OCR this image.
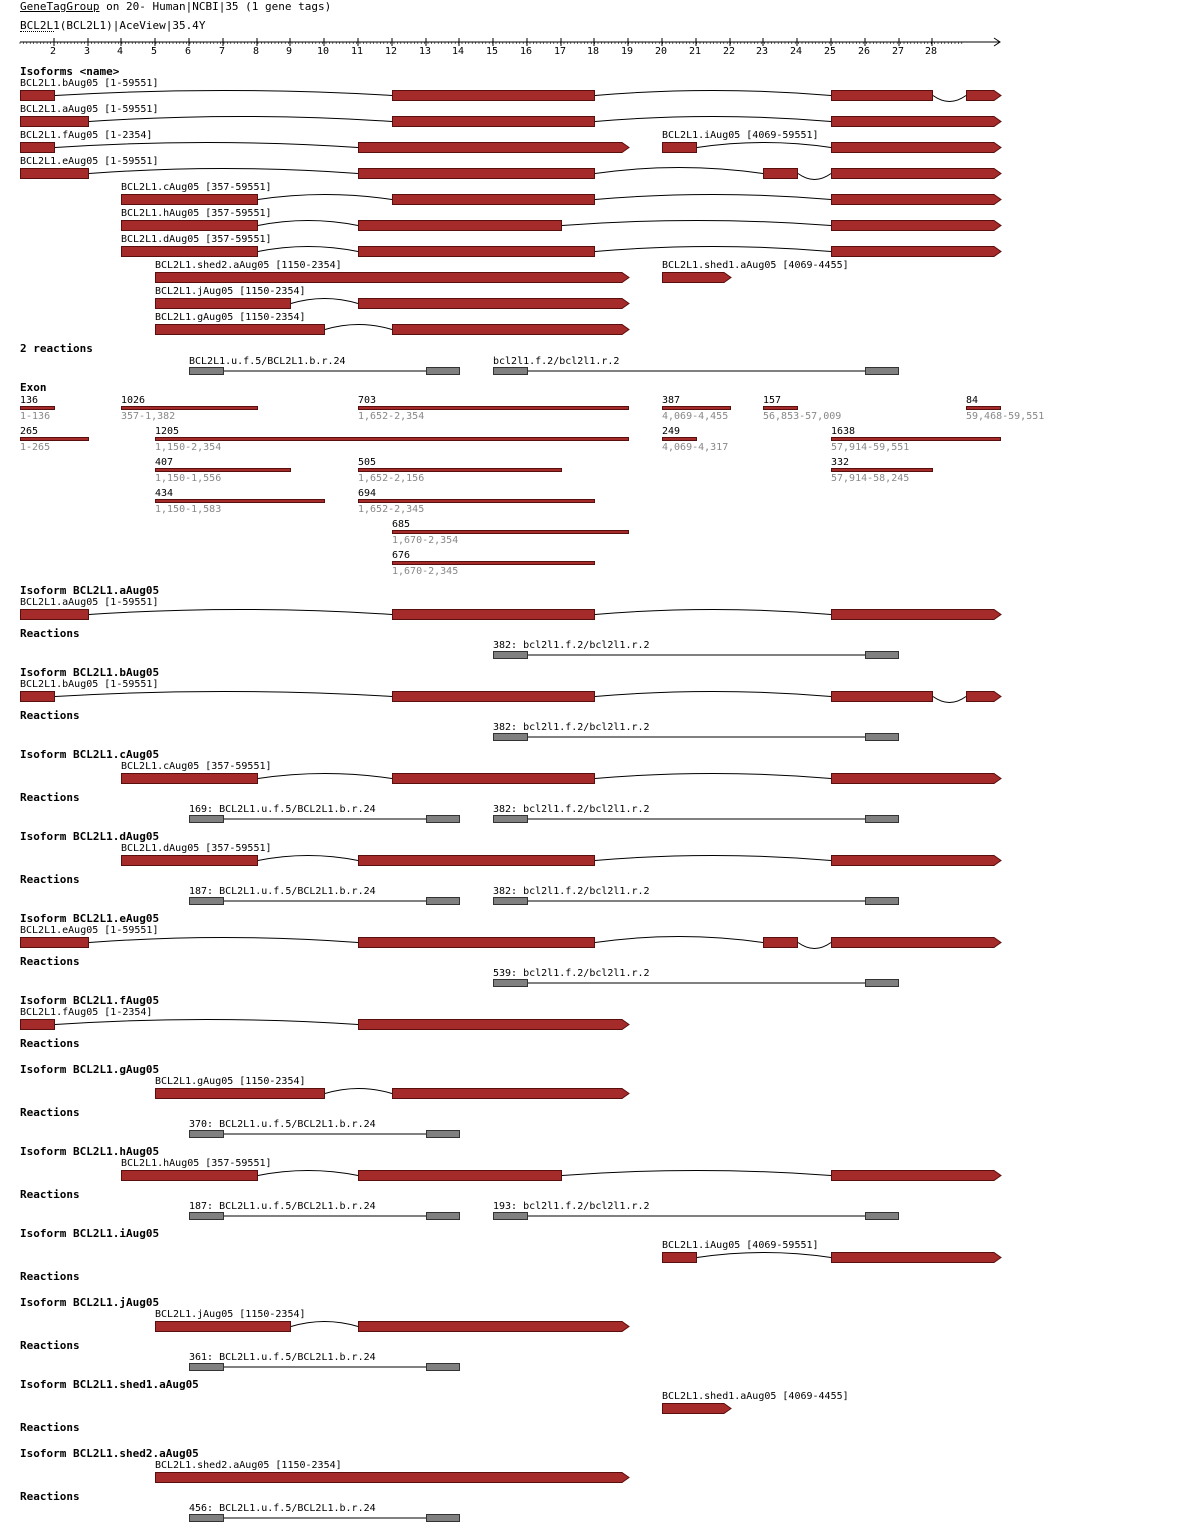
GeneTagGroup on 20- Human|NCBI|35 (1 gene tags)
BCL2L1(BCL2L1)|AceView|35.4Y
2	3	4	5	6	7	8	9 10 11 12 13 14 15 16 17 18 19 20 21 22 23 24 25 26 27 28
Isoforms <name>
BCL2L1.bAug05 [1-59551]
BCL2L1.aAug05 [1-59551]
BCL2L1.fAug05 [1-2354]	BCL2L1.iAug05 [4069-59551]
BCL2L1.eAug05 [1-59551]
BCL2L1.cAug05 [357-59551]
BCL2L1.hAug05 [357-59551]
BCL2L1.dAug05 [357-59551]
BCL2L1.shed2.aAug05 [1150-2354]	BCL2L1.shed1.aAug05 [4069-4455]
BCL2L1.jAug05 [1150-2354]
BCL2L1.gAug05 [1150-2354]
2 reactions
BCL2L1.u.f.5/BCL2L1.b.r.24	bcl2l1.f.2/bcl2l1.r.2
Exon
136
1-136
1026
357-1,382
703
1,652-2,354
387
4,069-4,455
157
56,853-57,009
84
59,468-59,551
265
1-265
1205
1,150-2,354
249
4,069-4,317
1638
57,914-59,551
407
1,150-1,556
505
1,652-2,156
332
57,914-58,245
434
1,150-1,583
694
1,652-2,345
685
1,670-2,354
676
1,670-2,345
Isoform BCL2L1.aAug05
BCL2L1.aAug05 [1-59551]
Reactions
382: bcl2l1.f.2/bcl2l1.r.2
Isoform BCL2L1.bAug05
BCL2L1.bAug05 [1-59551]
Reactions
382: bcl2l1.f.2/bcl2l1.r.2
Isoform BCL2L1.cAug05
BCL2L1.cAug05 [357-59551]
Reactions
169: BCL2L1.u.f.5/BCL2L1.b.r.24	382: bcl2l1.f.2/bcl2l1.r.2
Isoform BCL2L1.dAug05
BCL2L1.dAug05 [357-59551]
Reactions
187: BCL2L1.u.f.5/BCL2L1.b.r.24	382: bcl2l1.f.2/bcl2l1.r.2
Isoform BCL2L1.eAug05
BCL2L1.eAug05 [1-59551]
Reactions
539: bcl2l1.f.2/bcl2l1.r.2
Isoform BCL2L1.fAug05
BCL2L1.fAug05 [1-2354]
Reactions
Isoform BCL2L1.gAug05
BCL2L1.gAug05 [1150-2354]
Reactions
370: BCL2L1.u.f.5/BCL2L1.b.r.24
Isoform BCL2L1.hAug05
BCL2L1.hAug05 [357-59551]
Reactions
187: BCL2L1.u.f.5/BCL2L1.b.r.24	193: bcl2l1.f.2/bcl2l1.r.2
Isoform BCL2L1.iAug05
BCL2L1.iAug05 [4069-59551]
Reactions
Isoform BCL2L1.jAug05
BCL2L1.jAug05 [1150-2354]
Reactions
361: BCL2L1.u.f.5/BCL2L1.b.r.24
Isoform BCL2L1.shed1.aAug05
BCL2L1.shed1.aAug05 [4069-4455]
Reactions
Isoform BCL2L1.shed2.aAug05
BCL2L1.shed2.aAug05 [1150-2354]
Reactions
456: BCL2L1.u.f.5/BCL2L1.b.r.24
